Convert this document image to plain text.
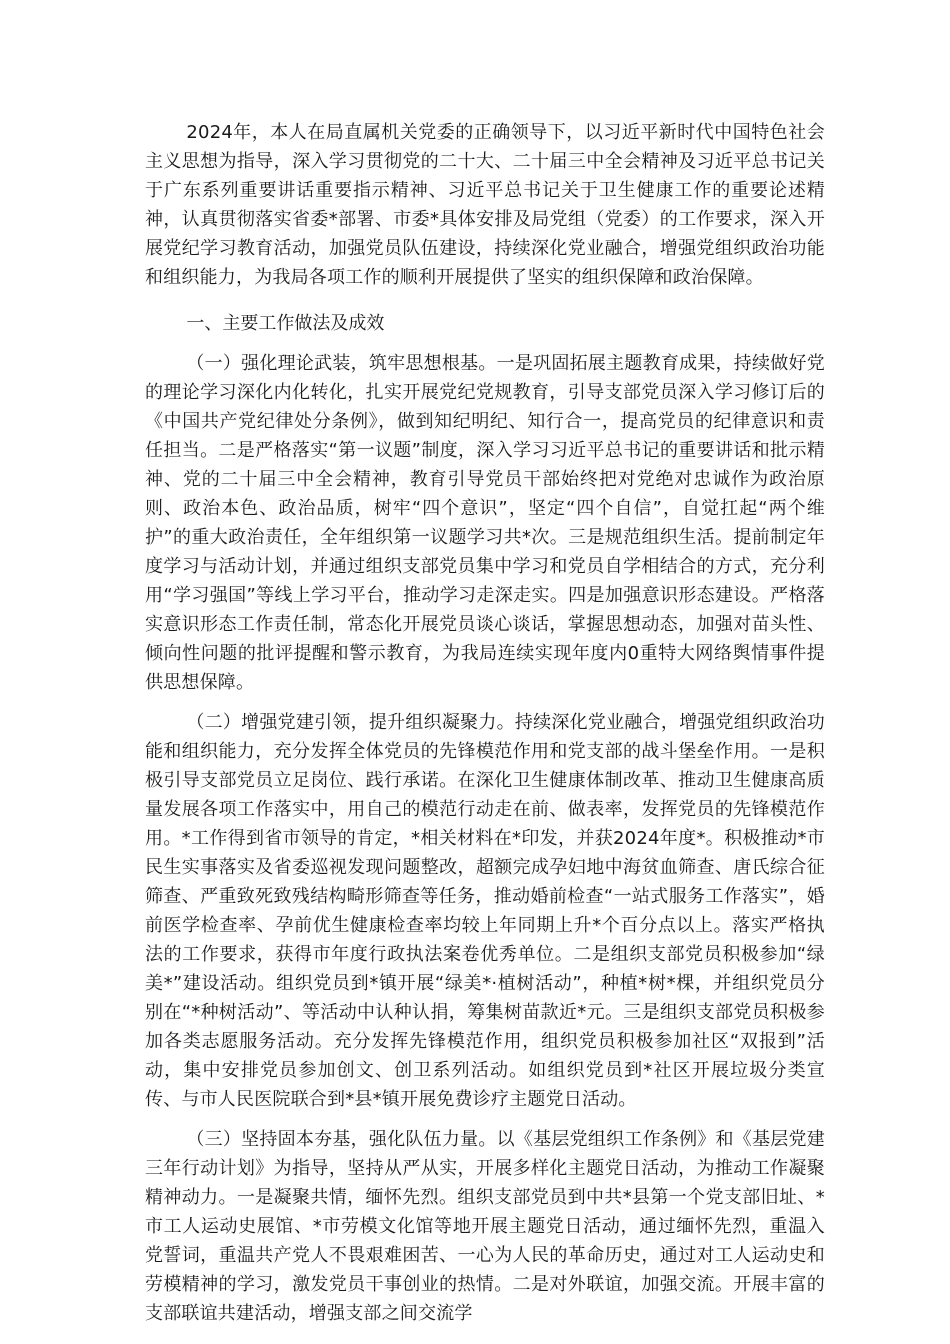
2024年，本人在局直属机关党委的正确领导下，以习近平新时代中国特色社会主义思想为指导，深入学习贯彻党的二十大、二十届三中全会精神及习近平总书记关于广东系列重要讲话重要指示精神、习近平总书记关于卫生健康工作的重要论述精神，认真贯彻落实省委*部署、市委*具体安排及局党组（党委）的工作要求，深入开展党纪学习教育活动，加强党员队伍建设，持续深化党业融合，增强党组织政治功能和组织能力，为我局各项工作的顺利开展提供了坚实的组织保障和政治保障。

一、主要工作做法及成效

（一）强化理论武装，筑牢思想根基。一是巩固拓展主题教育成果，持续做好党的理论学习深化内化转化，扎实开展党纪党规教育，引导支部党员深入学习修订后的《中国共产党纪律处分条例》，做到知纪明纪、知行合一，提高党员的纪律意识和责任担当。二是严格落实“第一议题”制度，深入学习习近平总书记的重要讲话和批示精神、党的二十届三中全会精神，教育引导党员干部始终把对党绝对忠诚作为政治原则、政治本色、政治品质，树牢“四个意识”，坚定“四个自信”，自觉扛起“两个维护”的重大政治责任，全年组织第一议题学习共*次。三是规范组织生活。提前制定年度学习与活动计划，并通过组织支部党员集中学习和党员自学相结合的方式，充分利用“学习强国”等线上学习平台，推动学习走深走实。四是加强意识形态建设。严格落实意识形态工作责任制，常态化开展党员谈心谈话，掌握思想动态，加强对苗头性、倾向性问题的批评提醒和警示教育，为我局连续实现年度内0重特大网络舆情事件提供思想保障。

（二）增强党建引领，提升组织凝聚力。持续深化党业融合，增强党组织政治功能和组织能力，充分发挥全体党员的先锋模范作用和党支部的战斗堡垒作用。一是积极引导支部党员立足岗位、践行承诺。在深化卫生健康体制改革、推动卫生健康高质量发展各项工作落实中，用自己的模范行动走在前、做表率，发挥党员的先锋模范作用。*工作得到省市领导的肯定，*相关材料在*印发，并获2024年度*。积极推动*市民生实事落实及省委巡视发现问题整改，超额完成孕妇地中海贫血筛查、唐氏综合征筛查、严重致死致残结构畸形筛查等任务，推动婚前检查“一站式服务工作落实”，婚前医学检查率、孕前优生健康检查率均较上年同期上升*个百分点以上。落实严格执法的工作要求，获得市年度行政执法案卷优秀单位。二是组织支部党员积极参加“绿美*”建设活动。组织党员到*镇开展“绿美*·植树活动”，种植*树*棵，并组织党员分别在“*种树活动”、等活动中认种认捐，筹集树苗款近*元。三是组织支部党员积极参加各类志愿服务活动。充分发挥先锋模范作用，组织党员积极参加社区“双报到”活动，集中安排党员参加创文、创卫系列活动。如组织党员到*社区开展垃圾分类宣传、与市人民医院联合到*县*镇开展免费诊疗主题党日活动。

（三）坚持固本夯基，强化队伍力量。以《基层党组织工作条例》和《基层党建三年行动计划》为指导，坚持从严从实，开展多样化主题党日活动，为推动工作凝聚精神动力。一是凝聚共情，缅怀先烈。组织支部党员到中共*县第一个党支部旧址、*市工人运动史展馆、*市劳模文化馆等地开展主题党日活动，通过缅怀先烈，重温入党誓词，重温共产党人不畏艰难困苦、一心为人民的革命历史，通过对工人运动史和劳模精神的学习，激发党员干事创业的热情。二是对外联谊，加强交流。开展丰富的支部联谊共建活动，增强支部之间交流学
